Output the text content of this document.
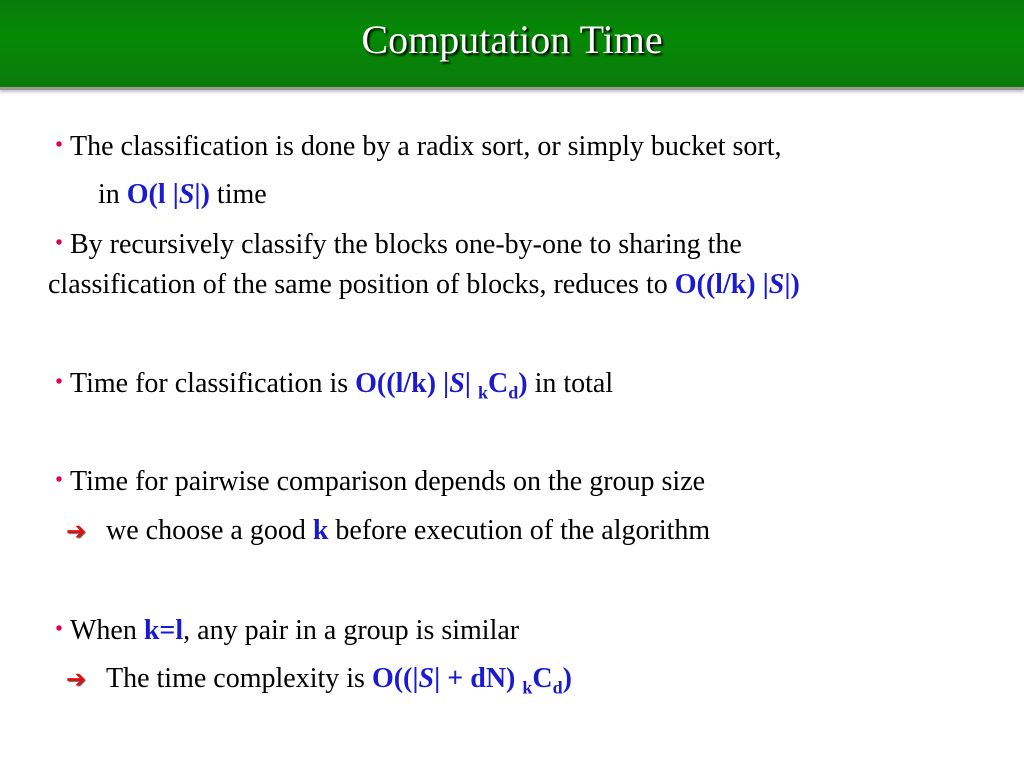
Computation Time
• The classification is done by a radix sort, or simply bucket sort,
in O(l |S|) time
• By recursively classify the blocks one-by-one to sharing the
classification of the same position of blocks, reduces to O((l/k) |S|)
• Time for classification is O((l/k) |S| $_kC_d$) in total
• Time for pairwise comparison depends on the group size
➔ we choose a good k before execution of the algorithm
• When k=l, any pair in a group is similar
➔ The time complexity is O((|S| + dN) $_kC_d$)
